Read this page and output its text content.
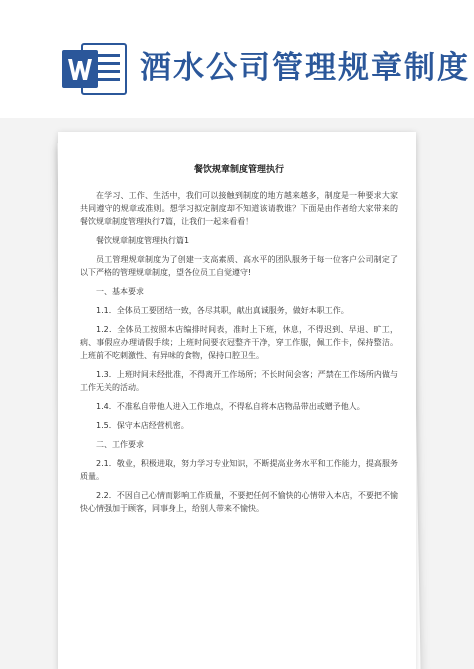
酒水公司管理规章制度
餐饮规章制度管理执行

在学习、工作、生活中，我们可以接触到制度的地方越来越多，制度是一种要求大家共同遵守的规章或准则。想学习拟定制度却不知道该请教谁？下面是由作者给大家带来的餐饮规章制度管理执行7篇，让我们一起来看看！

餐饮规章制度管理执行篇1

员工管理规章制度为了创建一支高素质、高水平的团队服务于每一位客户公司制定了以下严格的管理规章制度，望各位员工自觉遵守!

一、基本要求

1.1．全体员工要团结一致，各尽其职，献出真诚服务，做好本职工作。

1.2．全体员工按照本店编排时间表，准时上下班，休息，不得迟到、早退、旷工，病、事假应办理请假手续；上班时间要衣冠整齐干净，穿工作服，佩工作卡，保持整洁。上班前不吃刺激性、有异味的食物，保持口腔卫生。

1.3．上班时间未经批准，不得离开工作场所；不长时间会客；严禁在工作场所内做与工作无关的活动。

1.4．不准私自带他人进入工作地点，不得私自将本店物品带出或赠予他人。

1.5．保守本店经营机密。

二、工作要求

2.1．敬业，积极进取，努力学习专业知识，不断提高业务水平和工作能力，提高服务质量。

2.2．不因自己心情而影响工作质量，不要把任何不愉快的心情带入本店，不要把不愉快心情强加于顾客，同事身上，给别人带来不愉快。
